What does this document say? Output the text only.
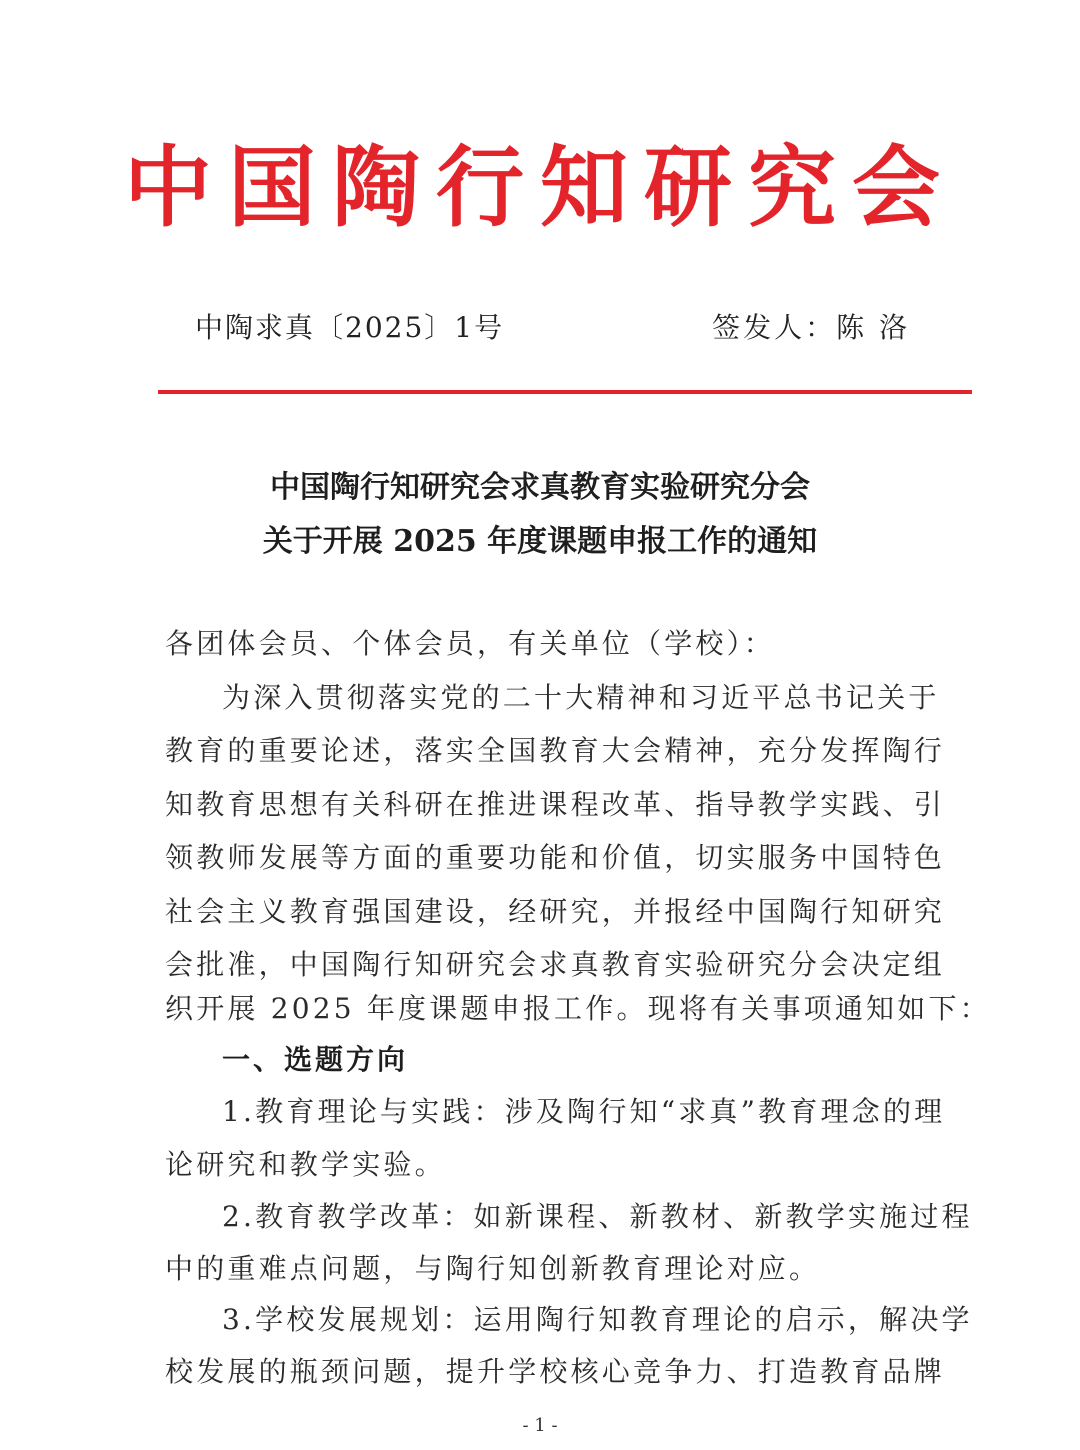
中国陶行知研究会
中陶求真〔2025〕1号	签发人：陈 洛
中国陶行知研究会求真教育实验研究分会
关于开展 2025 年度课题申报工作的通知
各团体会员、个体会员，有关单位（学校）：
为深入贯彻落实党的二十大精神和习近平总书记关于
教育的重要论述，落实全国教育大会精神，充分发挥陶行
知教育思想有关科研在推进课程改革、指导教学实践、引
领教师发展等方面的重要功能和价值，切实服务中国特色
社会主义教育强国建设，经研究，并报经中国陶行知研究
会批准，中国陶行知研究会求真教育实验研究分会决定组
织开展 2025 年度课题申报工作。现将有关事项通知如下：
一、选题方向
1.教育理论与实践：涉及陶行知“求真”教育理念的理
论研究和教学实验。
2.教育教学改革：如新课程、新教材、新教学实施过程
中的重难点问题，与陶行知创新教育理论对应。
3.学校发展规划：运用陶行知教育理论的启示，解决学
校发展的瓶颈问题，提升学校核心竞争力、打造教育品牌
- 1 -
